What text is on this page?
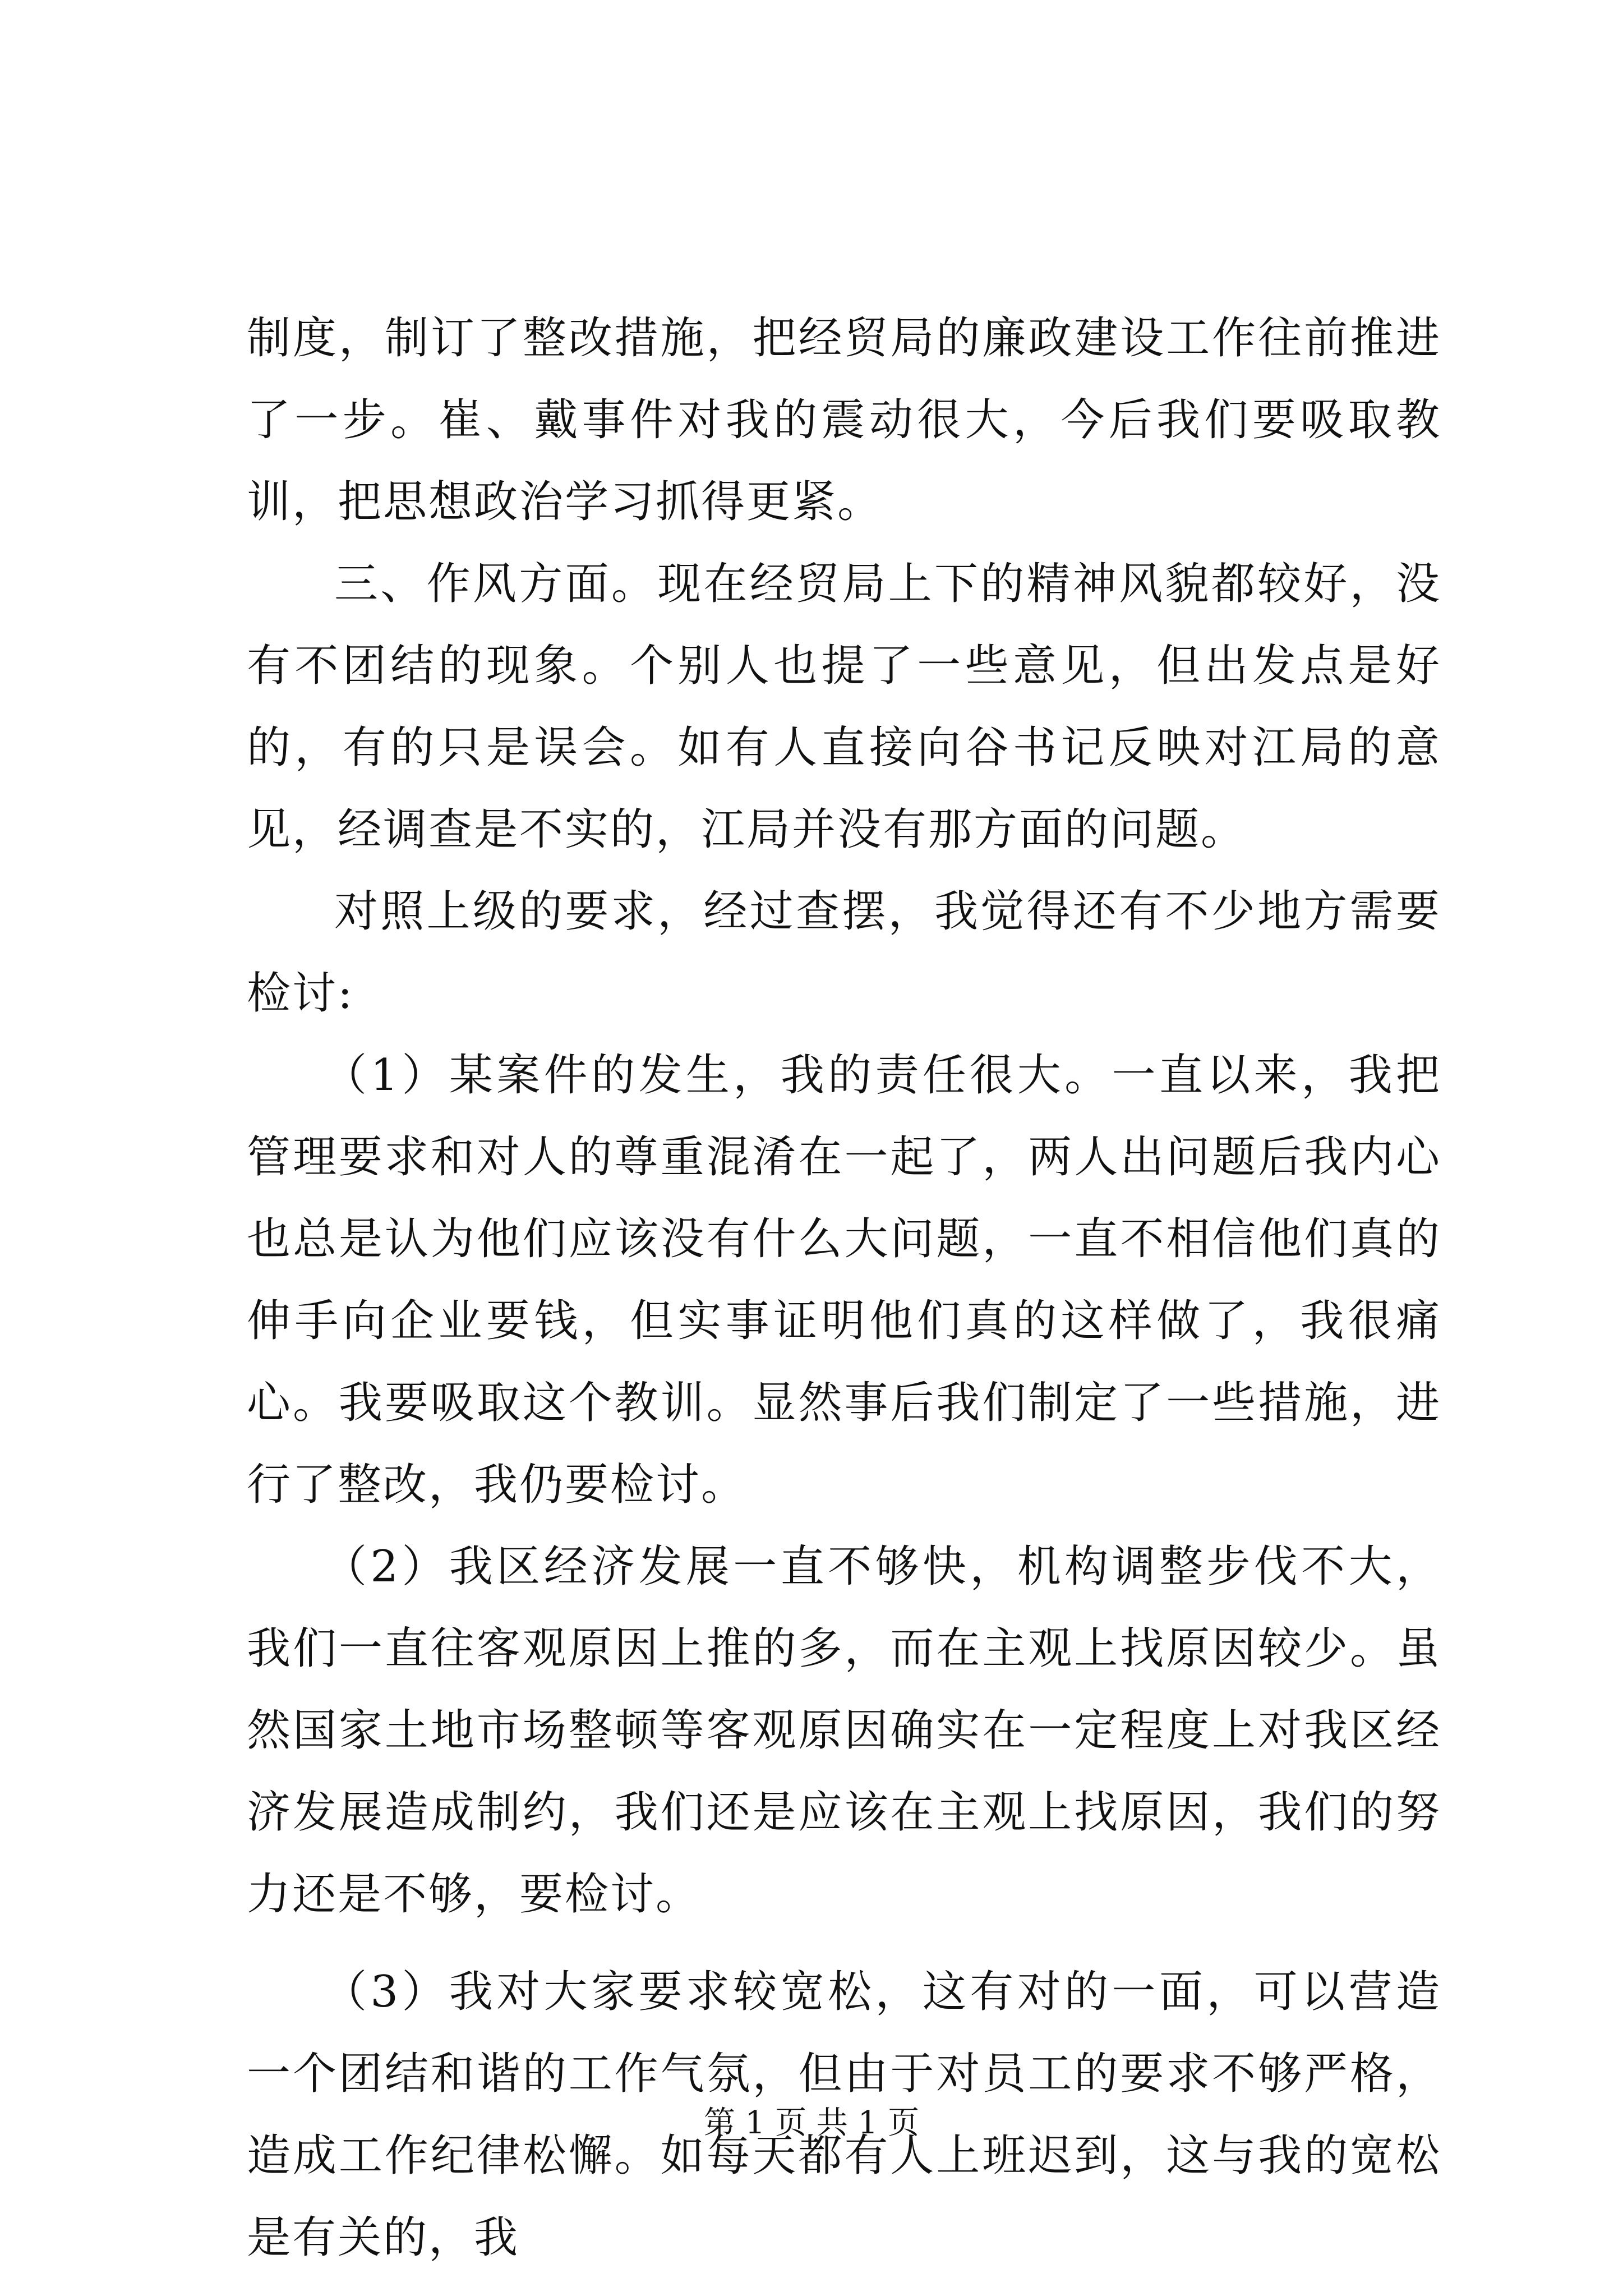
制度，制订了整改措施，把经贸局的廉政建设工作往前推进了一步。崔、戴事件对我的震动很大，今后我们要吸取教训，把思想政治学习抓得更紧。

三、作风方面。现在经贸局上下的精神风貌都较好，没有不团结的现象。个别人也提了一些意见，但出发点是好的，有的只是误会。如有人直接向谷书记反映对江局的意见，经调查是不实的，江局并没有那方面的问题。

对照上级的要求，经过查摆，我觉得还有不少地方需要检讨:

（1）某案件的发生，我的责任很大。一直以来，我把管理要求和对人的尊重混淆在一起了，两人出问题后我内心也总是认为他们应该没有什么大问题，一直不相信他们真的伸手向企业要钱，但实事证明他们真的这样做了，我很痛心。我要吸取这个教训。显然事后我们制定了一些措施，进行了整改，我仍要检讨。

（2）我区经济发展一直不够快，机构调整步伐不大，我们一直往客观原因上推的多，而在主观上找原因较少。虽然国家土地市场整顿等客观原因确实在一定程度上对我区经济发展造成制约，我们还是应该在主观上找原因，我们的努力还是不够，要检讨。

（3）我对大家要求较宽松，这有对的一面，可以营造一个团结和谐的工作气氛，但由于对员工的要求不够严格，造成工作纪律松懈。如每天都有人上班迟到，这与我的宽松是有关的，我

第 1 页 共 1 页
